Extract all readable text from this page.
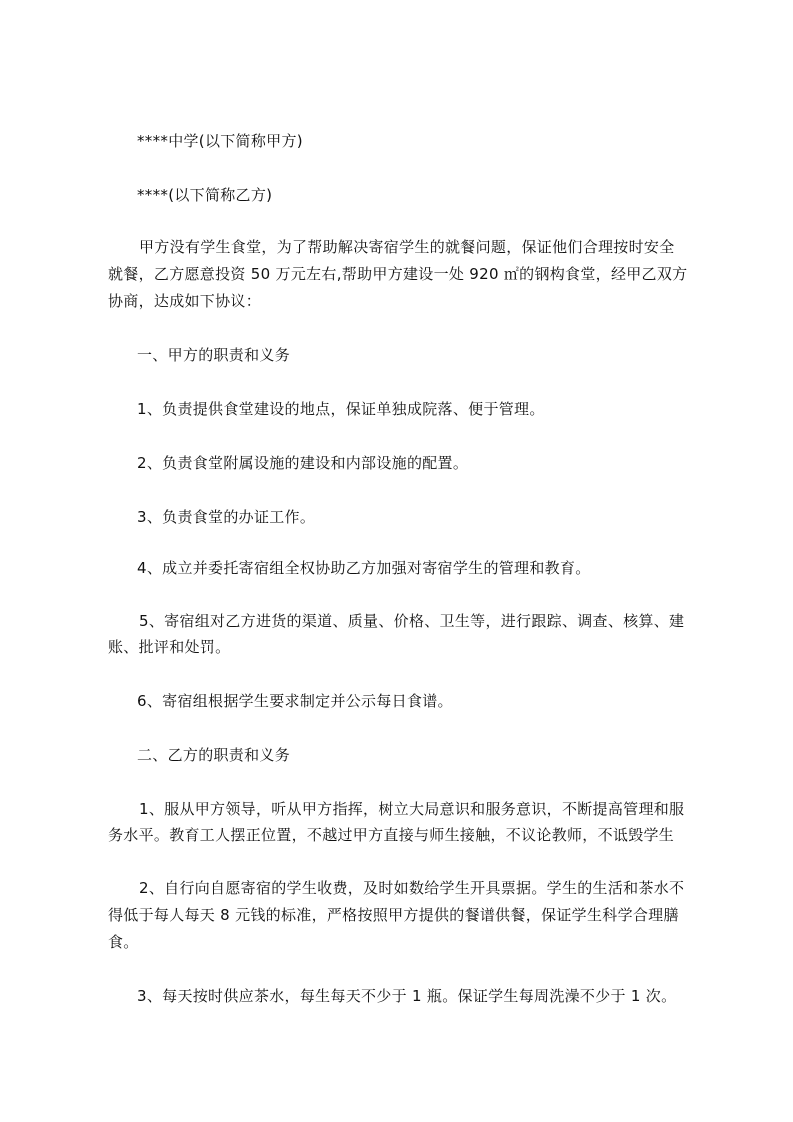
****中学(以下简称甲方)
****(以下简称乙方)
甲方没有学生食堂，为了帮助解决寄宿学生的就餐问题，保证他们合理按时安全
就餐，乙方愿意投资 50 万元左右,帮助甲方建设一处 920 ㎡的钢构食堂，经甲乙双方
协商，达成如下协议：
一、甲方的职责和义务
1、负责提供食堂建设的地点，保证单独成院落、便于管理。
2、负责食堂附属设施的建设和内部设施的配置。
3、负责食堂的办证工作。
4、成立并委托寄宿组全权协助乙方加强对寄宿学生的管理和教育。
5、寄宿组对乙方进货的渠道、质量、价格、卫生等，进行跟踪、调查、核算、建
账、批评和处罚。
6、寄宿组根据学生要求制定并公示每日食谱。
二、乙方的职责和义务
1、服从甲方领导，听从甲方指挥，树立大局意识和服务意识，不断提高管理和服
务水平。教育工人摆正位置，不越过甲方直接与师生接触，不议论教师，不诋毁学生
2、自行向自愿寄宿的学生收费，及时如数给学生开具票据。学生的生活和茶水不
得低于每人每天 8 元钱的标准，严格按照甲方提供的餐谱供餐，保证学生科学合理膳
食。
3、每天按时供应茶水，每生每天不少于 1 瓶。保证学生每周洗澡不少于 1 次。
